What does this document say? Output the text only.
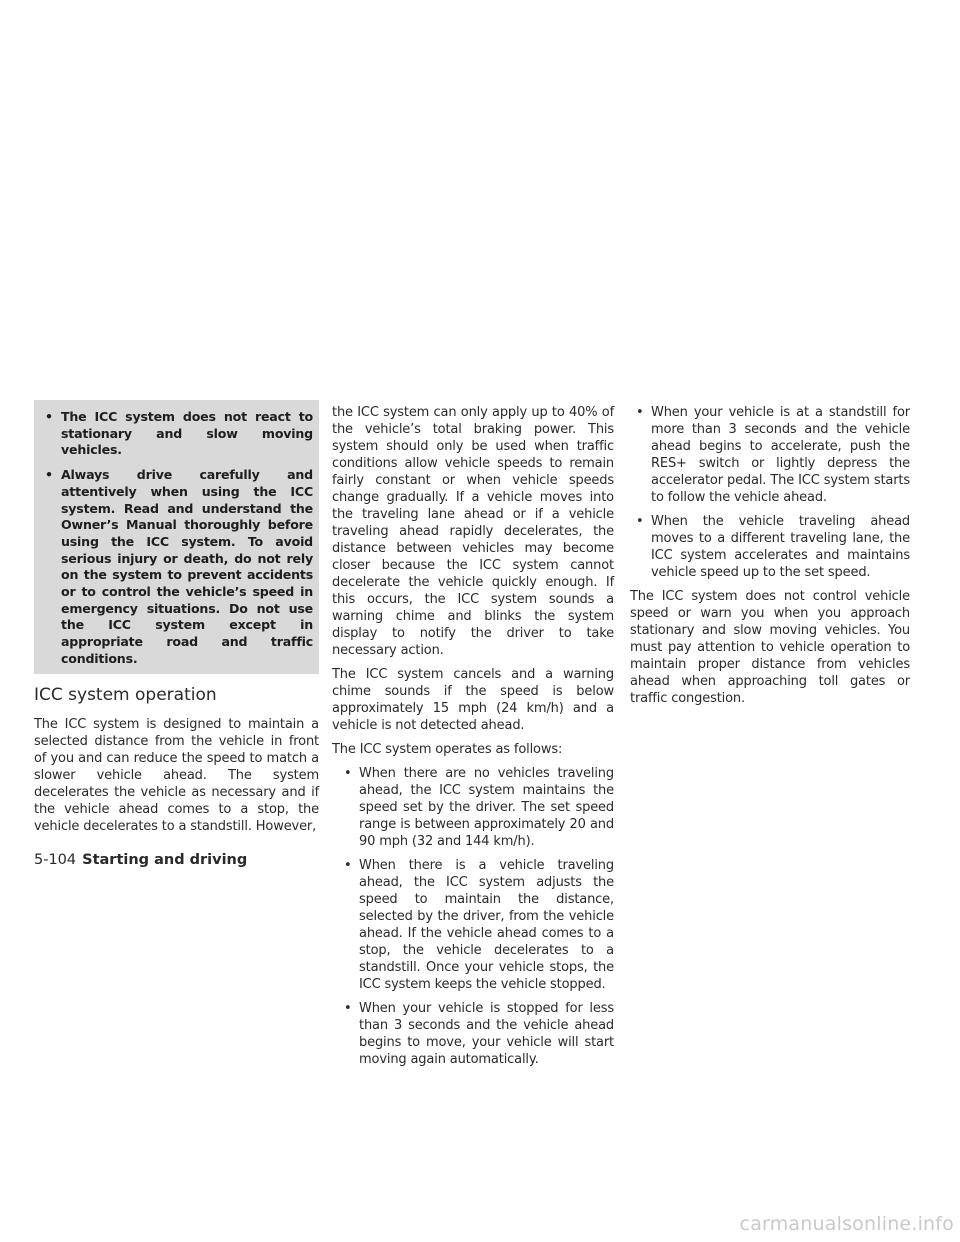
• The ICC system does not react to stationary and slow moving vehicles.
• Always drive carefully and attentively when using the ICC system. Read and understand the Owner’s Manual thoroughly before using the ICC system. To avoid serious injury or death, do not rely on the system to prevent accidents or to control the vehicle’s speed in emergency situations. Do not use the ICC system except in appropriate road and traffic conditions.
ICC system operation

The ICC system is designed to maintain a selected distance from the vehicle in front of you and can reduce the speed to match a slower vehicle ahead. The system decelerates the vehicle as necessary and if the vehicle ahead comes to a stop, the vehicle decelerates to a standstill. However,

the ICC system can only apply up to 40% of the vehicle’s total braking power. This system should only be used when traffic conditions allow vehicle speeds to remain fairly constant or when vehicle speeds change gradually. If a vehicle moves into the traveling lane ahead or if a vehicle traveling ahead rapidly decelerates, the distance between vehicles may become closer because the ICC system cannot decelerate the vehicle quickly enough. If this occurs, the ICC system sounds a warning chime and blinks the system display to notify the driver to take necessary action.

The ICC system cancels and a warning chime sounds if the speed is below approximately 15 mph (24 km/h) and a vehicle is not detected ahead.

The ICC system operates as follows:

• When there are no vehicles traveling ahead, the ICC system maintains the speed set by the driver. The set speed range is between approximately 20 and 90 mph (32 and 144 km/h).
• When there is a vehicle traveling ahead, the ICC system adjusts the speed to maintain the distance, selected by the driver, from the vehicle ahead. If the vehicle ahead comes to a stop, the vehicle decelerates to a standstill. Once your vehicle stops, the ICC system keeps the vehicle stopped.
• When your vehicle is stopped for less than 3 seconds and the vehicle ahead begins to move, your vehicle will start moving again automatically.
• When your vehicle is at a standstill for more than 3 seconds and the vehicle ahead begins to accelerate, push the RES+ switch or lightly depress the accelerator pedal. The ICC system starts to follow the vehicle ahead.
• When the vehicle traveling ahead moves to a different traveling lane, the ICC system accelerates and maintains vehicle speed up to the set speed.

The ICC system does not control vehicle speed or warn you when you approach stationary and slow moving vehicles. You must pay attention to vehicle operation to maintain proper distance from vehicles ahead when approaching toll gates or traffic congestion.

5-104 Starting and driving
carmanualsonline.info
